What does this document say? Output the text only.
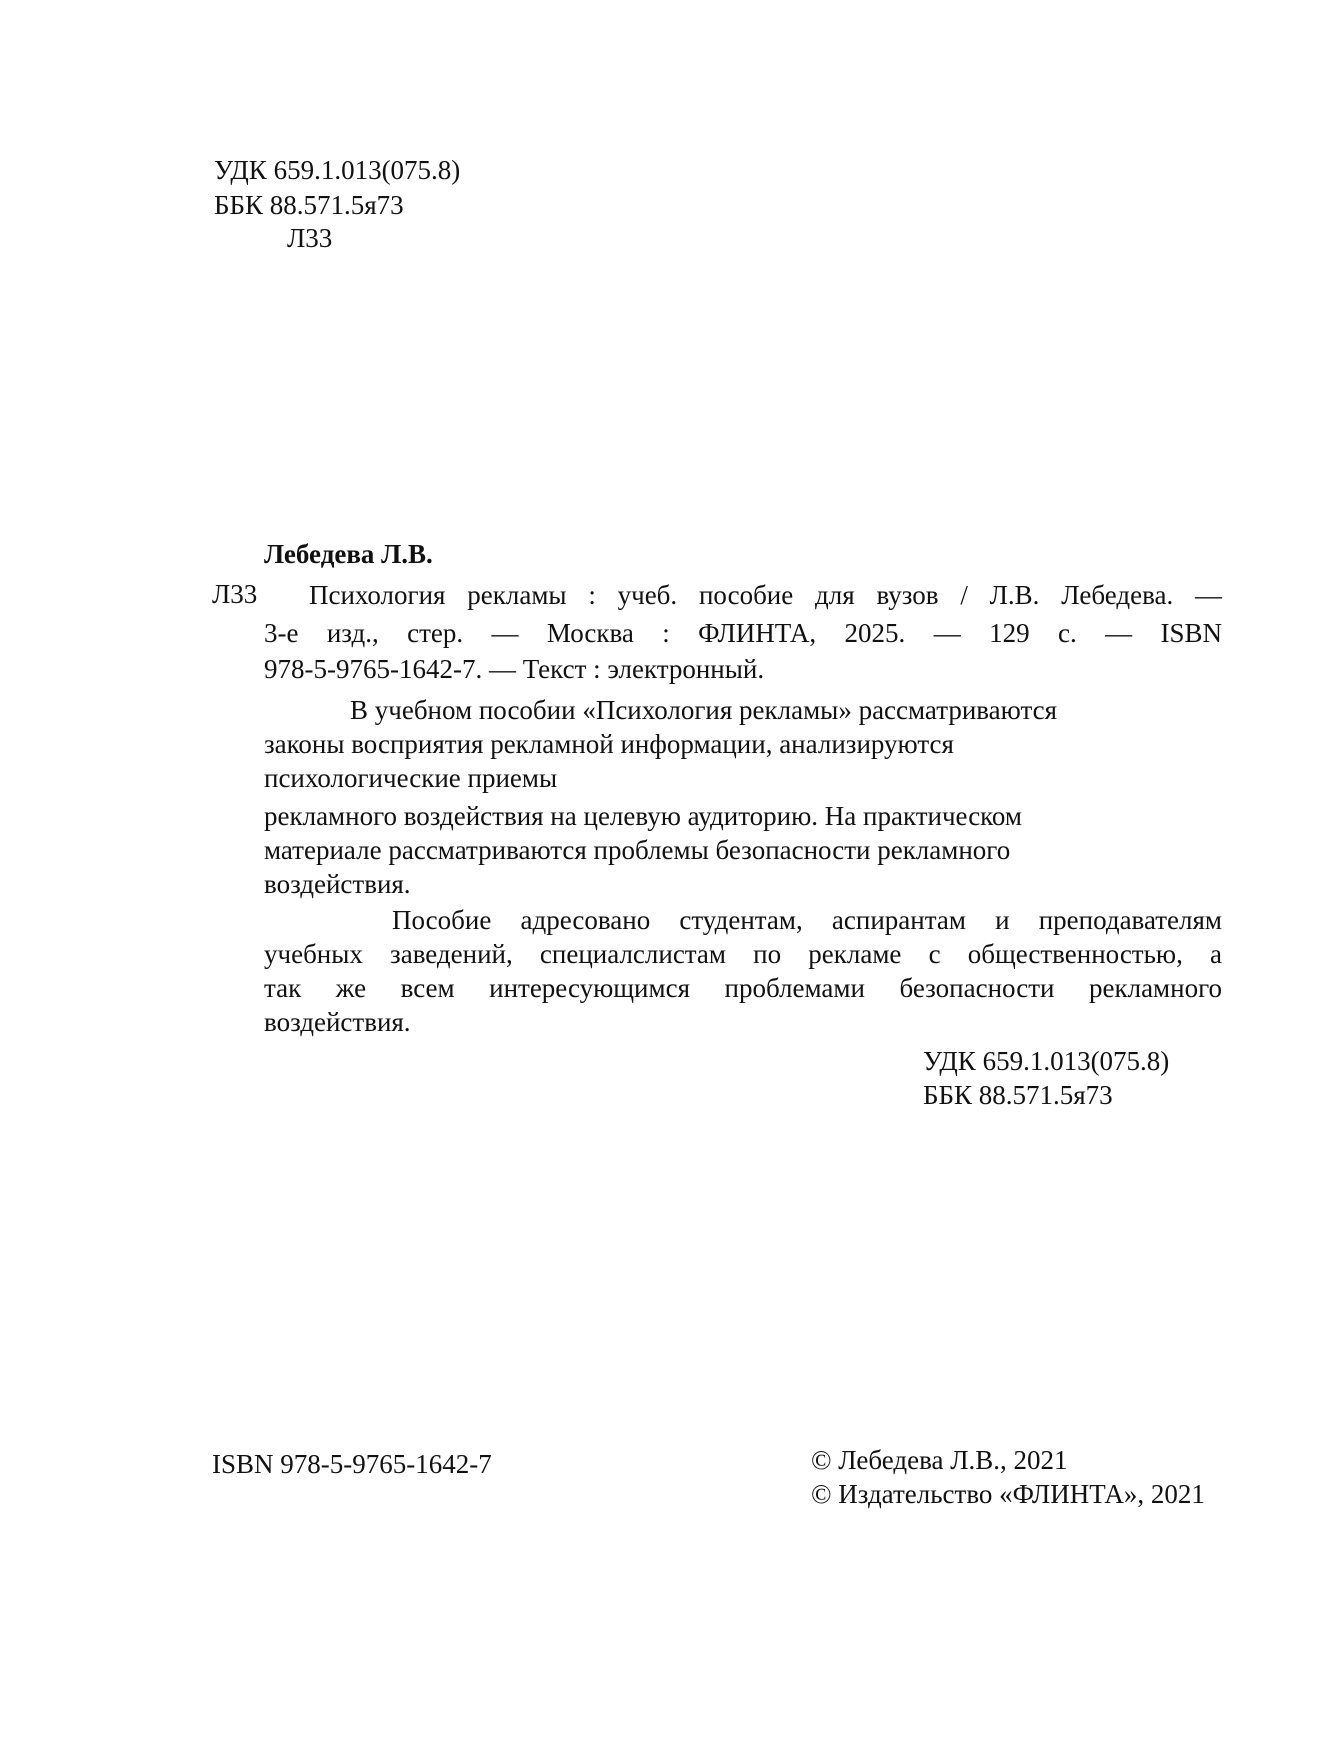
УДК 659.1.013(075.8)
ББК 88.571.5я73
Л33
Лебедева Л.В.
Л33	Психология рекламы : учеб. пособие для вузов / Л.В. Лебедева. —
3-е изд., стер. — Москва : ФЛИНТА, 2025. — 129 с. — ISBN
978-5-9765-1642-7. — Текст : электронный.
В учебном пособии «Психология рекламы» рассматриваются
законы восприятия рекламной информации, анализируются
психологические приемы
рекламного воздействия на целевую аудиторию. На практическом
материале рассматриваются проблемы безопасности рекламного
воздействия.
Пособие адресовано студентам, аспирантам и преподавателям
учебных заведений, специалслистам по рекламе с общественностью, а
так же всем интересующимся проблемами безопасности рекламного
воздействия.
УДК 659.1.013(075.8)
ББК 88.571.5я73
ISBN 978-5-9765-1642-7	© Лебедева Л.В., 2021
© Издательство «ФЛИНТА», 2021
